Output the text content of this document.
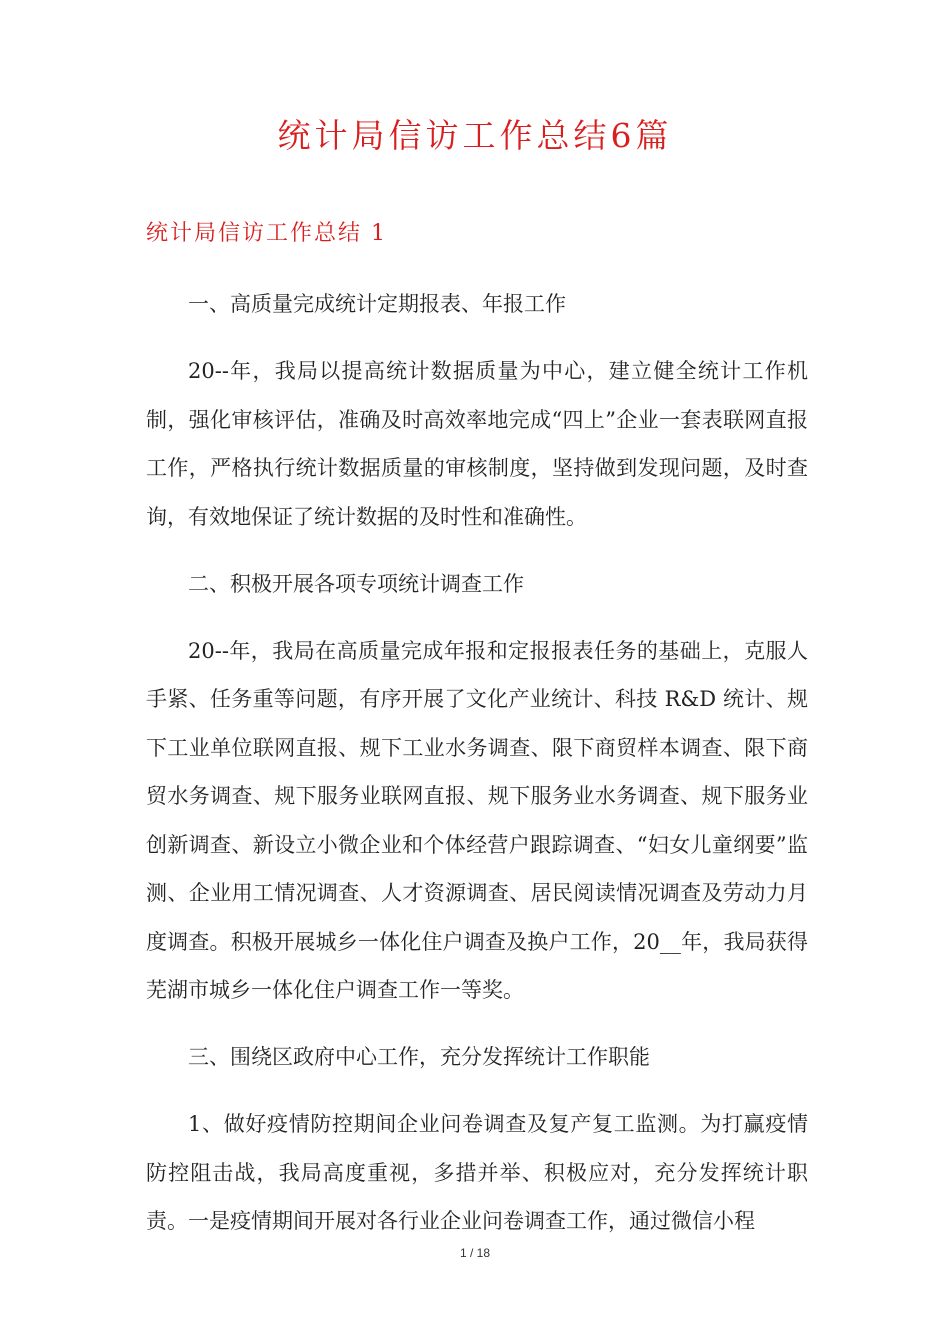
统计局信访工作总结6篇
统计局信访工作总结 1

一、高质量完成统计定期报表、年报工作

20--年，我局以提高统计数据质量为中心，建立健全统计工作机制，强化审核评估，准确及时高效率地完成“四上”企业一套表联网直报工作，严格执行统计数据质量的审核制度，坚持做到发现问题，及时查询，有效地保证了统计数据的及时性和准确性。

二、积极开展各项专项统计调查工作

20--年，我局在高质量完成年报和定报报表任务的基础上，克服人手紧、任务重等问题，有序开展了文化产业统计、科技 R&D 统计、规下工业单位联网直报、规下工业水务调查、限下商贸样本调查、限下商贸水务调查、规下服务业联网直报、规下服务业水务调查、规下服务业创新调查、新设立小微企业和个体经营户跟踪调查、“妇女儿童纲要”监测、企业用工情况调查、人才资源调查、居民阅读情况调查及劳动力月度调查。积极开展城乡一体化住户调查及换户工作，20__年，我局获得芜湖市城乡一体化住户调查工作一等奖。

三、围绕区政府中心工作，充分发挥统计工作职能

1、做好疫情防控期间企业问卷调查及复产复工监测。为打赢疫情防控阻击战，我局高度重视，多措并举、积极应对，充分发挥统计职责。一是疫情期间开展对各行业企业问卷调查工作，通过微信小程

1 / 18
